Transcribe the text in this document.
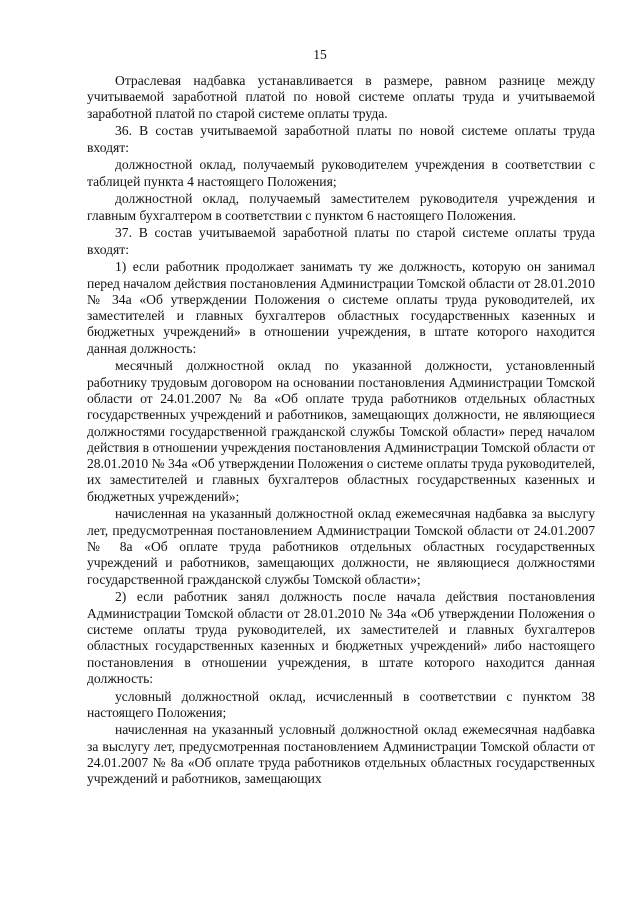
15

Отраслевая надбавка устанавливается в размере, равном разнице между учитываемой заработной платой по новой системе оплаты труда и учитываемой заработной платой по старой системе оплаты труда.

36. В состав учитываемой заработной платы по новой системе оплаты труда входят:

должностной оклад, получаемый руководителем учреждения в соответствии с таблицей пункта 4 настоящего Положения;

должностной оклад, получаемый заместителем руководителя учреждения и главным бухгалтером в соответствии с пунктом 6 настоящего Положения.

37. В состав учитываемой заработной платы по старой системе оплаты труда входят:

1) если работник продолжает занимать ту же должность, которую он занимал перед началом действия постановления Администрации Томской области от 28.01.2010 № 34а «Об утверждении Положения о системе оплаты труда руководителей, их заместителей и главных бухгалтеров областных государственных казенных и бюджетных учреждений» в отношении учреждения, в штате которого находится данная должность:

месячный должностной оклад по указанной должности, установленный работнику трудовым договором на основании постановления Администрации Томской области от 24.01.2007 № 8а «Об оплате труда работников отдельных областных государственных учреждений и работников, замещающих должности, не являющиеся должностями государственной гражданской службы Томской области» перед началом действия в отношении учреждения постановления Администрации Томской области от 28.01.2010 № 34а «Об утверждении Положения о системе оплаты труда руководителей, их заместителей и главных бухгалтеров областных государственных казенных и бюджетных учреждений»;

начисленная на указанный должностной оклад ежемесячная надбавка за выслугу лет, предусмотренная постановлением Администрации Томской области от 24.01.2007 № 8а «Об оплате труда работников отдельных областных государственных учреждений и работников, замещающих должности, не являющиеся должностями государственной гражданской службы Томской области»;

2) если работник занял должность после начала действия постановления Администрации Томской области от 28.01.2010 № 34а «Об утверждении Положения о системе оплаты труда руководителей, их заместителей и главных бухгалтеров областных государственных казенных и бюджетных учреждений» либо настоящего постановления в отношении учреждения, в штате которого находится данная должность:

условный должностной оклад, исчисленный в соответствии с пунктом 38 настоящего Положения;

начисленная на указанный условный должностной оклад ежемесячная надбавка за выслугу лет, предусмотренная постановлением Администрации Томской области от 24.01.2007 № 8а «Об оплате труда работников отдельных областных государственных учреждений и работников, замещающих
